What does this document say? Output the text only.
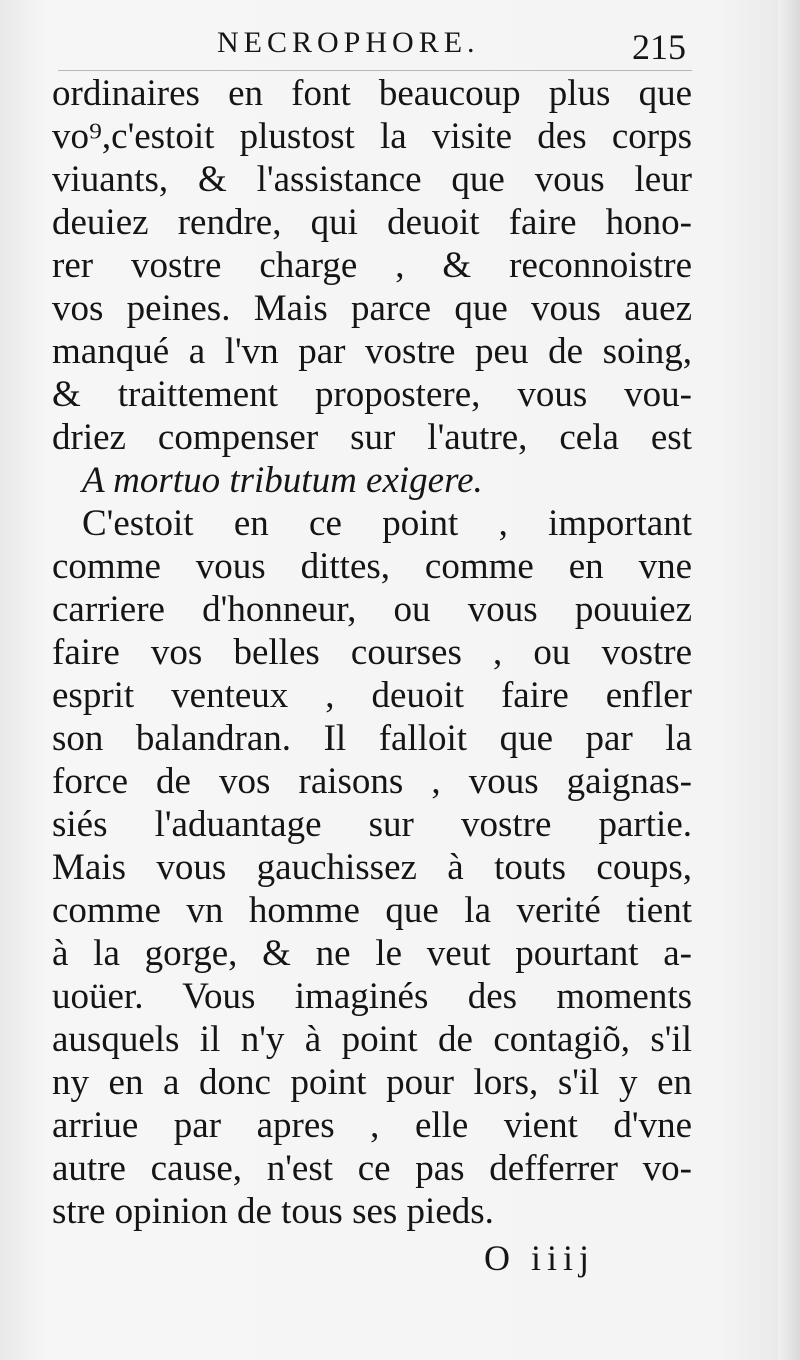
NECROPHORE.	215
ordinaires en font beaucoup plus que
vo⁹,c'estoit plustost la visite des corps
viuants, & l'assistance que vous leur
deuiez rendre, qui deuoit faire hono-
rer vostre charge , & reconnoistre
vos peines. Mais parce que vous auez
manqué a l'vn par vostre peu de soing,
& traittement proposterе, vous vou-
driez compenser sur l'autre, cela est
A mortuo tributum exigere.
C'estoit en ce point , important
comme vous dittes, comme en vne
carriere d'honneur, ou vous pouuiez
faire vos belles courses , ou vostre
esprit venteux , deuoit faire enfler
son balandran. Il falloit que par la
force de vos raisons , vous gaignas-
siés l'aduantage sur vostre partie.
Mais vous gauchissez à touts coups,
comme vn homme que la verité tient
à la gorge, & ne le veut pourtant a-
uoüer. Vous imaginés des moments
ausquels il n'y à point de contagiõ, s'il
ny en a donc point pour lors, s'il y en
arriue par apres , elle vient d'vne
autre cause, n'est ce pas defferrer vo-
stre opinion de tous ses pieds.
O iiij
